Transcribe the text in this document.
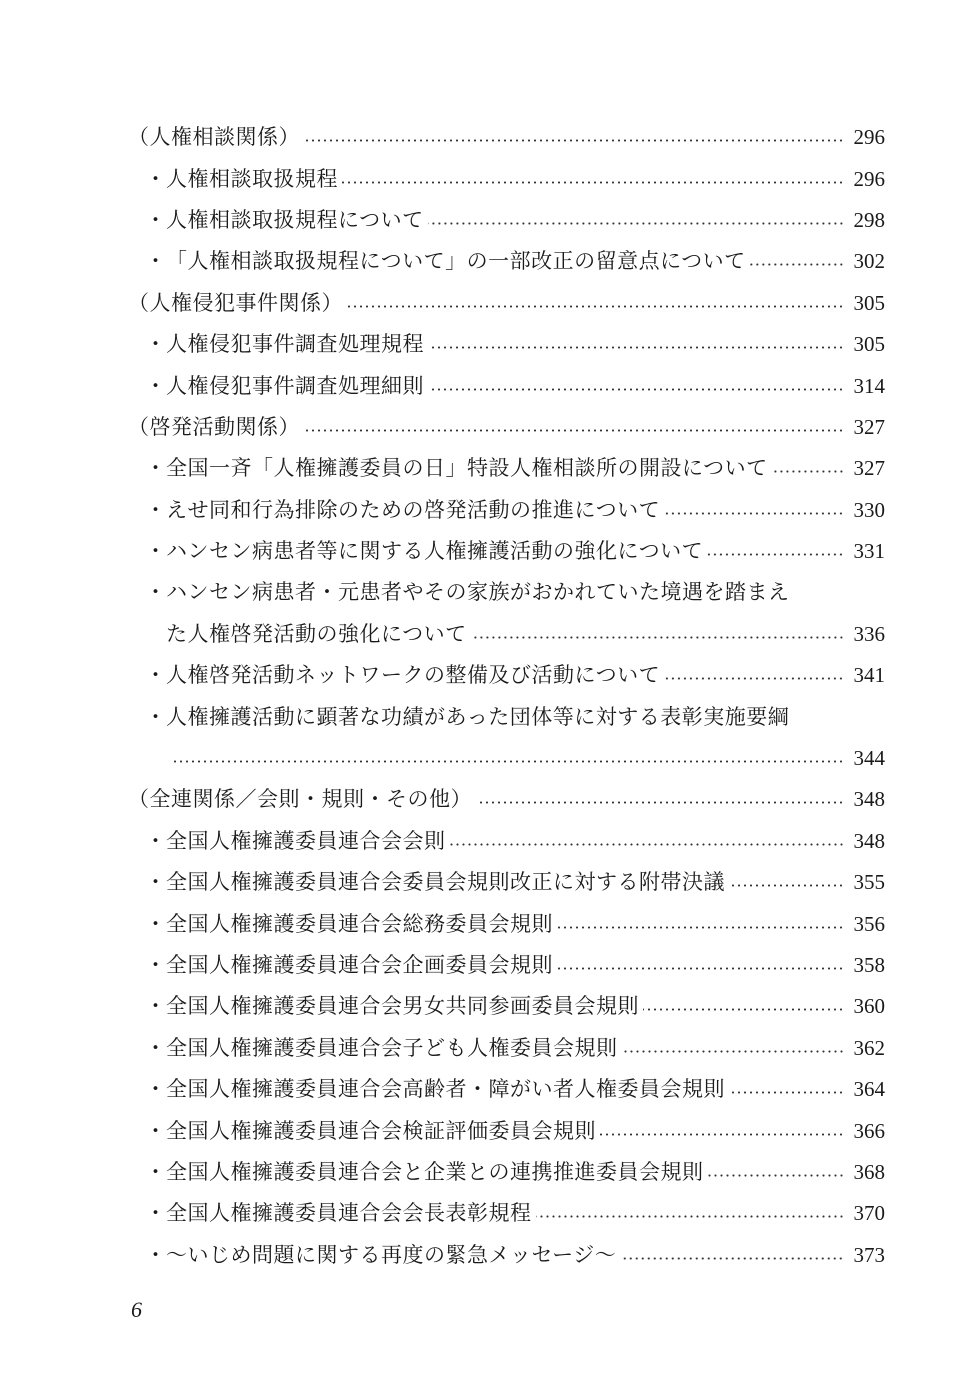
（人権相談関係）	296
・ 人権相談取扱規程	296
・ 人権相談取扱規程について	298
・ 「人権相談取扱規程について」の一部改正の留意点について	302
（人権侵犯事件関係）	305
・ 人権侵犯事件調査処理規程	305
・ 人権侵犯事件調査処理細則	314
（啓発活動関係）	327
・ 全国一斉「人権擁護委員の日」特設人権相談所の開設について	327
・ えせ同和行為排除のための啓発活動の推進について	330
・ ハンセン病患者等に関する人権擁護活動の強化について	331
・ ハンセン病患者・元患者やその家族がおかれていた境遇を踏まえ
た人権啓発活動の強化について	336
・ 人権啓発活動ネットワークの整備及び活動について	341
・ 人権擁護活動に顕著な功績があった団体等に対する表彰実施要綱
344
（全連関係／会則・規則・その他）	348
・ 全国人権擁護委員連合会会則	348
・ 全国人権擁護委員連合会委員会規則改正に対する附帯決議	355
・ 全国人権擁護委員連合会総務委員会規則	356
・ 全国人権擁護委員連合会企画委員会規則	358
・ 全国人権擁護委員連合会男女共同参画委員会規則	360
・ 全国人権擁護委員連合会子ども人権委員会規則	362
・ 全国人権擁護委員連合会高齢者・障がい者人権委員会規則	364
・ 全国人権擁護委員連合会検証評価委員会規則	366
・ 全国人権擁護委員連合会と企業との連携推進委員会規則	368
・ 全国人権擁護委員連合会会長表彰規程	370
・ ～いじめ問題に関する再度の緊急メッセージ～	373
6
